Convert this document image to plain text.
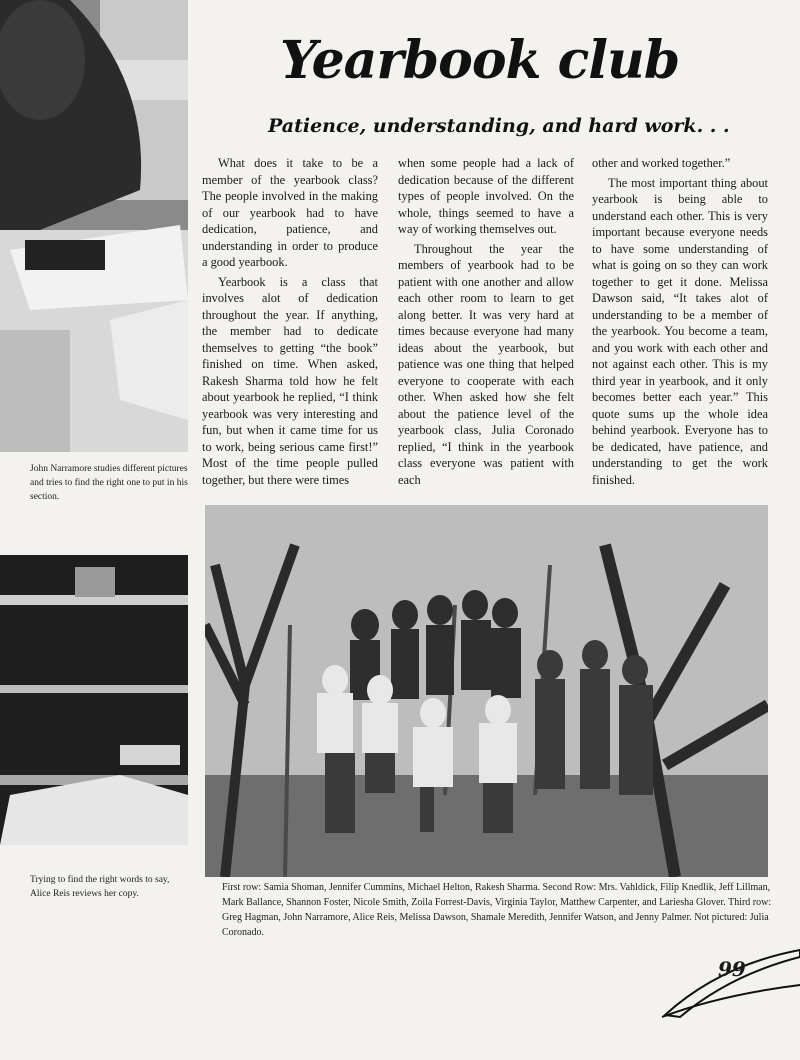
Yearbook club
Patience, understanding, and hard work. . .

What does it take to be a member of the yearbook class? The people involved in the making of our yearbook had to have dedication, patience, and understanding in order to produce a good yearbook.

Yearbook is a class that involves alot of dedication throughout the year. If anything, the member had to dedicate themselves to getting “the book” finished on time. When asked, Rakesh Sharma told how he felt about yearbook he replied, “I think yearbook was very interesting and fun, but when it came time for us to work, being serious came first!” Most of the time people pulled together, but there were times

when some people had a lack of dedication because of the different types of people involved. On the whole, things seemed to have a way of working themselves out.

Throughout the year the members of yearbook had to be patient with one another and allow each other room to learn to get along better. It was very hard at times because everyone had many ideas about the yearbook, but patience was one thing that helped everyone to cooperate with each other. When asked how she felt about the patience level of the yearbook class, Julia Coronado replied, “I think in the yearbook class everyone was patient with each

other and worked together.”

The most important thing about yearbook is being able to understand each other. This is very important because everyone needs to have some understanding of what is going on so they can work together to get it done. Melissa Dawson said, “It takes alot of understanding to be a member of the yearbook. You become a team, and you work with each other and not against each other. This is my third year in yearbook, and it only becomes better each year.” This quote sums up the whole idea behind yearbook. Everyone has to be dedicated, have patience, and understanding to get the work finished.

John Narramore studies different pictures and tries to find the right one to put in his section.
Trying to find the right words to say, Alice Reis reviews her copy.
First row: Samia Shoman, Jennifer Cummins, Michael Helton, Rakesh Sharma. Second Row: Mrs. Vahldick, Filip Knedlik, Jeff Lillman, Mark Ballance, Shannon Foster, Nicole Smith, Zoila Forrest-Davis, Virginia Taylor, Matthew Carpenter, and Lariesha Glover. Third row: Greg Hagman, John Narramore, Alice Reis, Melissa Dawson, Shamale Meredith, Jennifer Watson, and Jenny Palmer. Not pictured: Julia Coronado.
99
